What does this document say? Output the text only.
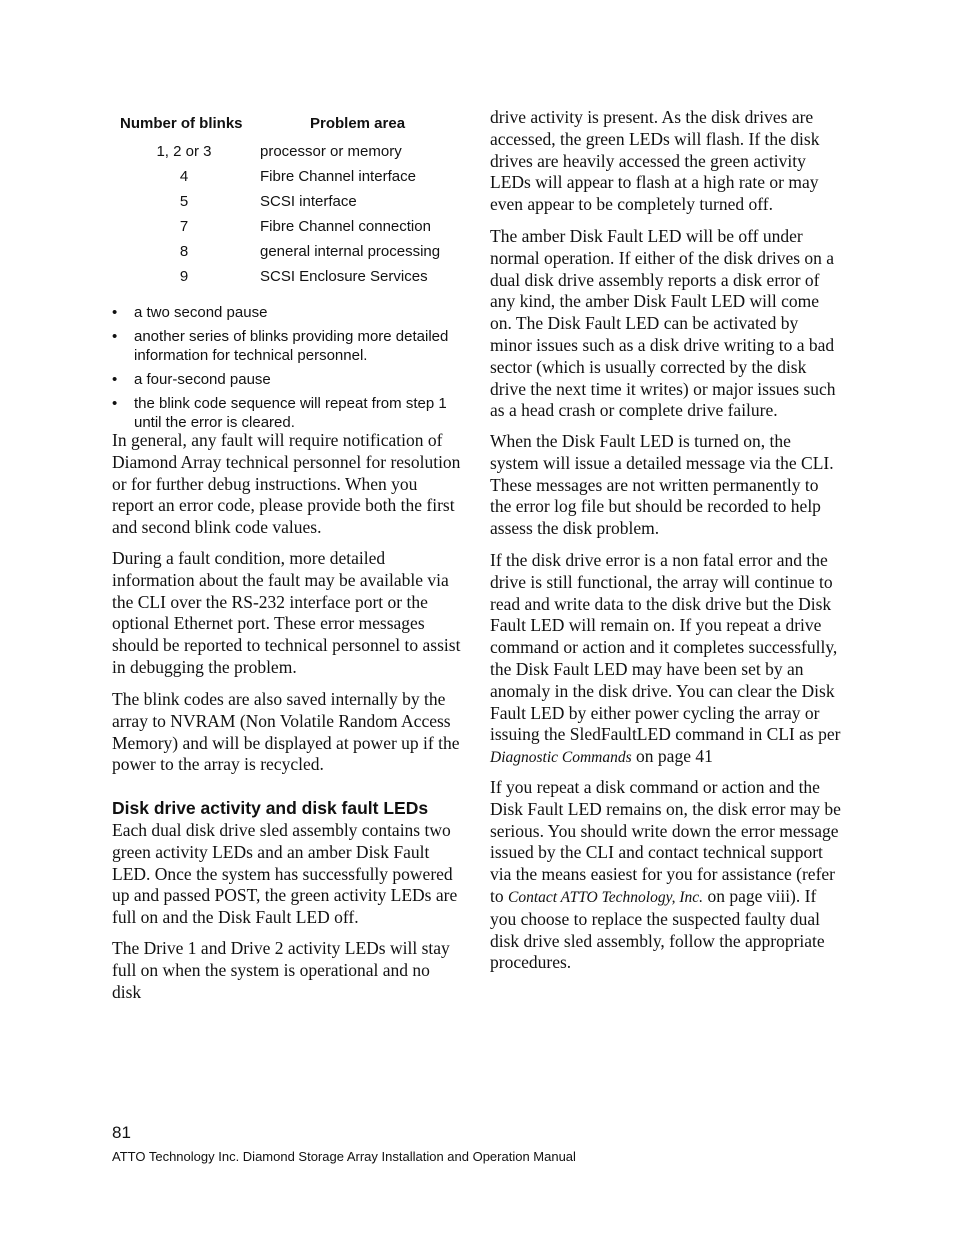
Number of blinks	Problem area
1, 2 or 3	processor or memory
4	Fibre Channel interface
5	SCSI interface
7	Fibre Channel connection
8	general internal processing
9	SCSI Enclosure Services
• a two second pause
• another series of blinks providing more detailed information for technical personnel.
• a four-second pause
• the blink code sequence will repeat from step 1 until the error is cleared.

In general, any fault will require notification of Diamond Array technical personnel for resolution or for further debug instructions. When you report an error code, please provide both the first and second blink code values.

During a fault condition, more detailed information about the fault may be available via the CLI over the RS-232 interface port or the optional Ethernet port. These error messages should be reported to technical personnel to assist in debugging the problem.

The blink codes are also saved internally by the array to NVRAM (Non Volatile Random Access Memory) and will be displayed at power up if the power to the array is recycled.

Disk drive activity and disk fault LEDs

Each dual disk drive sled assembly contains two green activity LEDs and an amber Disk Fault LED. Once the system has successfully powered up and passed POST, the green activity LEDs are full on and the Disk Fault LED off.

The Drive 1 and Drive 2 activity LEDs will stay full on when the system is operational and no disk

drive activity is present. As the disk drives are accessed, the green LEDs will flash. If the disk drives are heavily accessed the green activity LEDs will appear to flash at a high rate or may even appear to be completely turned off.

The amber Disk Fault LED will be off under normal operation. If either of the disk drives on a dual disk drive assembly reports a disk error of any kind, the amber Disk Fault LED will come on. The Disk Fault LED can be activated by minor issues such as a disk drive writing to a bad sector (which is usually corrected by the disk drive the next time it writes) or major issues such as a head crash or complete drive failure.

When the Disk Fault LED is turned on, the system will issue a detailed message via the CLI. These messages are not written permanently to the error log file but should be recorded to help assess the disk problem.

If the disk drive error is a non fatal error and the drive is still functional, the array will continue to read and write data to the disk drive but the Disk Fault LED will remain on. If you repeat a drive command or action and it completes successfully, the Disk Fault LED may have been set by an anomaly in the disk drive. You can clear the Disk Fault LED by either power cycling the array or issuing the SledFaultLED command in CLI as per Diagnostic Commands on page 41

If you repeat a disk command or action and the Disk Fault LED remains on, the disk error may be serious. You should write down the error message issued by the CLI and contact technical support via the means easiest for you for assistance (refer to Contact ATTO Technology, Inc. on page viii). If you choose to replace the suspected faulty dual disk drive sled assembly, follow the appropriate procedures.

81
ATTO Technology Inc. Diamond Storage Array Installation and Operation Manual
